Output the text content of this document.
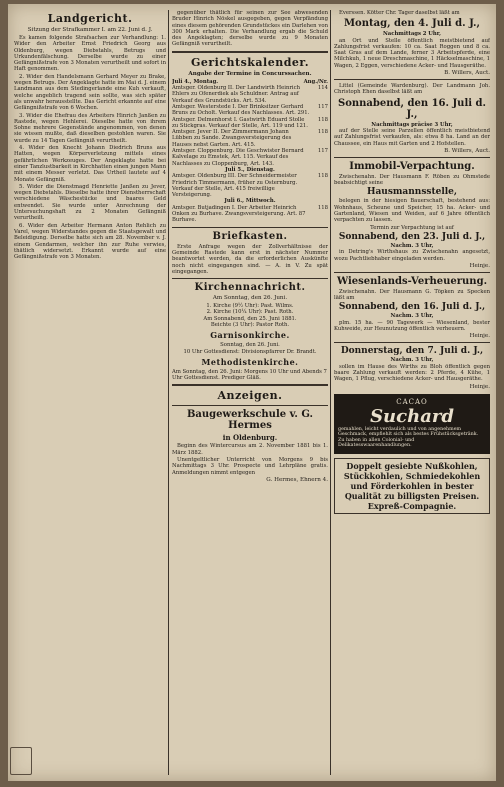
Landgericht.
Sitzung der Strafkammer I. am 22. Juni d. J.

Es kamen folgende Strafsachen zur Verhandlung: 1. Wider den Arbeiter Ernst Friedrich Georg aus Oldenburg, wegen Diebstahls, Betrugs und Urkundenfälschung. Derselbe wurde zu einer Gefängnißstrafe von 3 Monaten verurtheilt und sofort in Haft genommen.

2. Wider den Handelsmann Gerhard Meyer zu Brake, wegen Betrugs. Der Angeklagte hatte im Mai d. J. einem Landmann aus dem Stedingerlande eine Kuh verkauft, welche angeblich tragend sein sollte, was sich später als unwahr herausstellte. Das Gericht erkannte auf eine Gefängnißstrafe von 6 Wochen.

3. Wider die Ehefrau des Arbeiters Hinrich Janßen zu Rastede, wegen Hehlerei. Dieselbe hatte von ihrem Sohne mehrere Gegenstände angenommen, von denen sie wissen mußte, daß dieselben gestohlen waren. Sie wurde zu 14 Tagen Gefängniß verurtheilt.

4. Wider den Knecht Johann Diedrich Bruns aus Hatten, wegen Körperverletzung mittels eines gefährlichen Werkzeuges. Der Angeklagte hatte bei einer Tanzlustbarkeit in Kirchhatten einen jungen Mann mit einem Messer verletzt. Das Urtheil lautete auf 4 Monate Gefängniß.

5. Wider die Dienstmagd Henriette Janßen zu Jever, wegen Diebstahls. Dieselbe hatte ihrer Dienstherrschaft verschiedene Wäschestücke und baares Geld entwendet. Sie wurde unter Anrechnung der Untersuchungshaft zu 2 Monaten Gefängniß verurtheilt.

6. Wider den Arbeiter Hermann Anton Rehlich zu Varel, wegen Widerstandes gegen die Staatsgewalt und Beleidigung. Derselbe hatte sich am 28. November v. J. einem Gendarmen, welcher ihn zur Ruhe verwies, thätlich widersetzt. Erkannt wurde auf eine Gefängnißstrafe von 3 Monaten.

gegenüber thätlich für seinen zur See abwesenden Bruder Hinrich Nöskel ausgegeben, gegen Verpfändung eines diesem gehörenden Grundstückes ein Darlehen von 300 Mark erhalten. Die Verhandlung ergab die Schuld des Angeklagten; derselbe wurde zu 9 Monaten Gefängniß verurtheilt.

Gerichtskalender.
Angabe der Termine in Concurssachen.
Juli 4., Montag.	Ang./Nr.
Amtsger. Oldenburg II. Der Landwirth Heinrich Ehlers zu Ofenerdiek als Schuldner. Antrag auf Verkauf des Grundstücks. Art. 534.
114
Amtsger. Westerstede I. Der Brinksitzer Gerhard Bruns zu Ocholt. Verkauf des Nachlasses. Art. 291.
117
Amtsger. Delmenhorst I. Gastwirth Eduard Stolle zu Stickgras. Verkauf der Stelle, Art. 119 und 121.
118
Amtsger. Jever II. Der Zimmermann Johann Lübben zu Sande. Zwangsversteigerung des Hauses nebst Garten. Art. 415.
118
Amtsger. Cloppenburg. Die Geschwister Bernard Kalvelage zu Emstek, Art. 115. Verkauf des Nachlasses zu Cloppenburg, Art. 143.
117
Juli 5., Dienstag.
Amtsger. Oldenburg III. Der Schneidermeister Friedrich Timmermann, früher zu Osternburg. Verkauf der Stelle, Art. 415 freiwillige Versteigerung.
118
Juli 6., Mittwoch.
Amtsger. Butjadingen I. Der Arbeiter Heinrich Onken zu Burhave. Zwangsversteigerung. Art. 87 Burhave.
118
Briefkasten.

Erste Anfrage wegen der Zollverhältnisse der Gemeinde Rastede kann erst in nächster Nummer beantwortet werden, da die erforderlichen Auskünfte noch nicht eingegangen sind. — A. in V. Zu spät eingegangen.

Kirchennachricht.
Am Sonntag, den 26. Juni.
1. Kirche (9½ Uhr): Past. Wilms.
2. Kirche (10¼ Uhr): Past. Roth.
Am Sonnabend, den 25. Juni 1881.
Beichte (3 Uhr): Pastor Roth.
Garnisonkirche.
Sonntag, den 26. Juni.
10 Uhr Gottesdienst: Divisionspfarrer Dr. Brandt.
Methodistenkirche.
Am Sonntag, den 26. Juni: Morgens 10 Uhr und Abends 7 Uhr Gottesdienst. Prediger Gläß.
Anzeigen.
Baugewerkschule v. G. Hermes
in Oldenburg.

Beginn des Wintercursus am 2. November 1881 bis 1. März 1882.

Unentgeltlicher Unterricht von Morgens 9 bis Nachmittags 3 Uhr. Prospecte und Lehrpläne gratis. Anmeldungen nimmt entgegen

G. Hermes, Ehnern 4.

Everssen. Kötter Chr. Tager daselbst läßt am

Montag, den 4. Juli d. J.,
Nachmittags 2 Uhr,

an Ort und Stelle öffentlich meistbietend auf Zahlungsfrist verkaufen: 10 ca. Saat Roggen und 8 ca. Saat Gras auf dem Lande, ferner 3 Arbeitspferde, eine Milchkuh, 1 neue Dreschmaschine, 1 Häckselmaschine, 1 Wagen, 2 Eggen, verschiedene Acker- und Hausgeräthe.

B. Willers, Auct.

Littel (Gemeinde Wardenburg). Der Landmann Joh. Christoph Ehen daselbst läßt am

Sonnabend, den 16. Juli d. J.,
Nachmittags präcise 3 Uhr,

auf der Stelle seine Parzellen öffentlich meistbietend auf Zahlungsfrist verkaufen, als: etwa 8 ha. Land an der Chaussee, ein Haus mit Garten und 2 Hofstellen.

B. Willers, Auct.
Immobil-Verpachtung.

Zwischenahn. Der Hausmann F. Röben zu Ohmstede beabsichtigt seine

Hausmannsstelle,

belegen in der hiesigen Bauerschaft, bestehend aus: Wohnhaus, Scheune und Speicher, 15 ha. Acker- und Gartenland, Wiesen und Weiden, auf 6 Jahre öffentlich verpachten zu lassen.

Termin zur Verpachtung ist auf
Sonnabend, den 23. Juli d. J.,
Nachm. 3 Uhr,

in Detring's Wirthshaus zu Zwischenahn angesetzt, wozu Pachtliebhaber eingeladen werden.

Heinje.
Wiesenlands-Verheuerung.

Zwischenahn. Der Hausmann G. Töpken zu Specken läßt am

Sonnabend, den 16. Juli d. J.,
Nachm. 3 Uhr,

plm. 15 ha. — 90 Tagewerk — Wiesenland, bester Kuhweide, zur Heunutzung öffentlich verheuern.

Heinje.
Donnerstag, den 7. Juli d. J.,
Nachm. 3 Uhr,

sollen im Hause des Wirths zu Bloh öffentlich gegen baare Zahlung verkauft werden: 2 Pferde, 4 Kühe, 1 Wagen, 1 Pflug, verschiedene Acker- und Hausgeräthe.

Heinje.
CACAO
Suchard
gemahlen, leicht verdaulich und von angenehmem Geschmack, empfiehlt sich als bestes Frühstücksgetränk. Zu haben in allen Colonial- und Delikatesswaarenhandlungen.
Doppelt gesiebte Nußkohlen, Stückkohlen, Schmiedekohlen und Förderkohlen in bester Qualität zu billigsten Preisen. Expreß-Compagnie.
